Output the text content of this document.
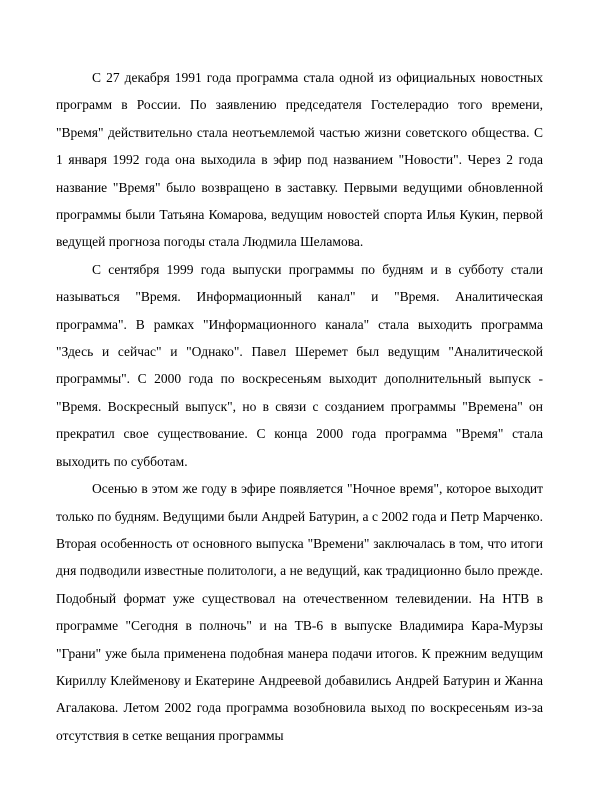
С 27 декабря 1991 года программа стала одной из официальных новостных программ в России. По заявлению председателя Гостелерадио того времени, "Время" действительно стала неотъемлемой частью жизни советского общества. С 1 января 1992 года она выходила в эфир под названием "Новости". Через 2 года название "Время" было возвращено в заставку. Первыми ведущими обновленной программы были Татьяна Комарова, ведущим новостей спорта Илья Кукин, первой ведущей прогноза погоды стала Людмила Шеламова.

С сентября 1999 года выпуски программы по будням и в субботу стали называться "Время. Информационный канал" и "Время. Аналитическая программа". В рамках "Информационного канала" стала выходить программа "Здесь и сейчас" и "Однако". Павел Шеремет был ведущим "Аналитической программы". С 2000 года по воскресеньям выходит дополнительный выпуск - "Время. Воскресный выпуск", но в связи с созданием программы "Времена" он прекратил свое существование. С конца 2000 года программа "Время" стала выходить по субботам.

Осенью в этом же году в эфире появляется "Ночное время", которое выходит только по будням. Ведущими были Андрей Батурин, а с 2002 года и Петр Марченко. Вторая особенность от основного выпуска "Времени" заключалась в том, что итоги дня подводили известные политологи, а не ведущий, как традиционно было прежде. Подобный формат уже существовал на отечественном телевидении. На НТВ в программе "Сегодня в полночь" и на ТВ-6 в выпуске Владимира Кара-Мурзы "Грани" уже была применена подобная манера подачи итогов. К прежним ведущим Кириллу Клейменову и Екатерине Андреевой добавились Андрей Батурин и Жанна Агалакова. Летом 2002 года программа возобновила выход по воскресеньям из-за отсутствия в сетке вещания программы
